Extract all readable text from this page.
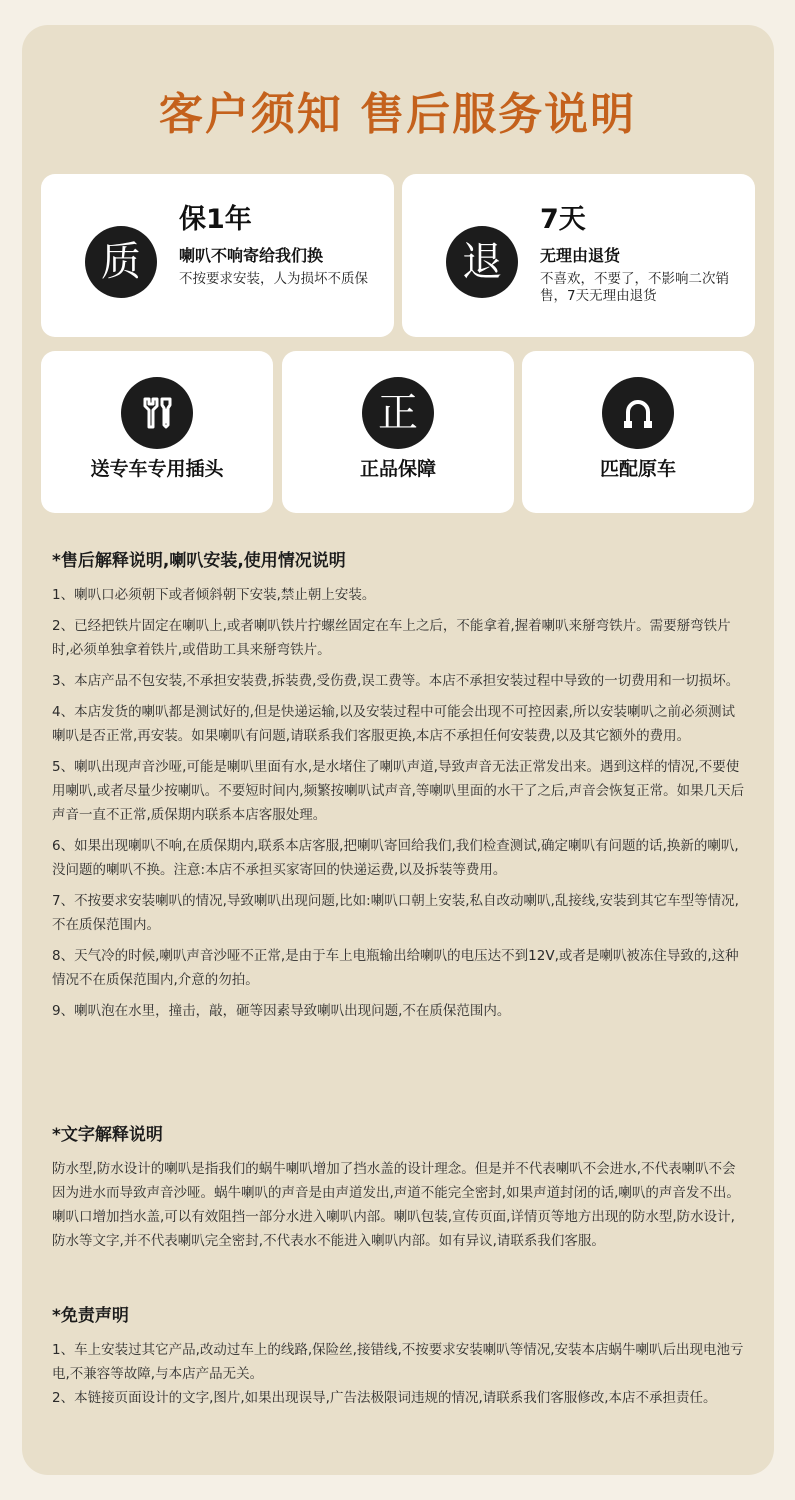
客户须知 售后服务说明
质
保1年
喇叭不响寄给我们换
不按要求安装，人为损坏不质保	退
7天
无理由退货
不喜欢，不要了，不影响二次销售，7天无理由退货
送专车专用插头
正
正品保障	匹配原车
*售后解释说明,喇叭安装,使用情况说明
1、喇叭口必须朝下或者倾斜朝下安装,禁止朝上安装。
2、已经把铁片固定在喇叭上,或者喇叭铁片拧螺丝固定在车上之后，不能拿着,握着喇叭来掰弯铁片。需要掰弯铁片时,必须单独拿着铁片,或借助工具来掰弯铁片。
3、本店产品不包安装,不承担安装费,拆装费,受伤费,误工费等。本店不承担安装过程中导致的一切费用和一切损坏。
4、本店发货的喇叭都是测试好的,但是快递运输,以及安装过程中可能会出现不可控因素,所以安装喇叭之前必须测试喇叭是否正常,再安装。如果喇叭有问题,请联系我们客服更换,本店不承担任何安装费,以及其它额外的费用。
5、喇叭出现声音沙哑,可能是喇叭里面有水,是水堵住了喇叭声道,导致声音无法正常发出来。遇到这样的情况,不要使用喇叭,或者尽量少按喇叭。不要短时间内,频繁按喇叭试声音,等喇叭里面的水干了之后,声音会恢复正常。如果几天后声音一直不正常,质保期内联系本店客服处理。
6、如果出现喇叭不响,在质保期内,联系本店客服,把喇叭寄回给我们,我们检查测试,确定喇叭有问题的话,换新的喇叭,没问题的喇叭不换。注意:本店不承担买家寄回的快递运费,以及拆装等费用。
7、不按要求安装喇叭的情况,导致喇叭出现问题,比如:喇叭口朝上安装,私自改动喇叭,乱接线,安装到其它车型等情况,不在质保范围内。
8、天气冷的时候,喇叭声音沙哑不正常,是由于车上电瓶输出给喇叭的电压达不到12V,或者是喇叭被冻住导致的,这种情况不在质保范围内,介意的勿拍。
9、喇叭泡在水里，撞击，敲，砸等因素导致喇叭出现问题,不在质保范围内。
*文字解释说明
防水型,防水设计的喇叭是指我们的蜗牛喇叭增加了挡水盖的设计理念。但是并不代表喇叭不会进水,不代表喇叭不会因为进水而导致声音沙哑。蜗牛喇叭的声音是由声道发出,声道不能完全密封,如果声道封闭的话,喇叭的声音发不出。喇叭口增加挡水盖,可以有效阻挡一部分水进入喇叭内部。喇叭包装,宣传页面,详情页等地方出现的防水型,防水设计,防水等文字,并不代表喇叭完全密封,不代表水不能进入喇叭内部。如有异议,请联系我们客服。
*免责声明
1、车上安装过其它产品,改动过车上的线路,保险丝,接错线,不按要求安装喇叭等情况,安装本店蜗牛喇叭后出现电池亏电,不兼容等故障,与本店产品无关。
2、本链接页面设计的文字,图片,如果出现误导,广告法极限词违规的情况,请联系我们客服修改,本店不承担责任。
